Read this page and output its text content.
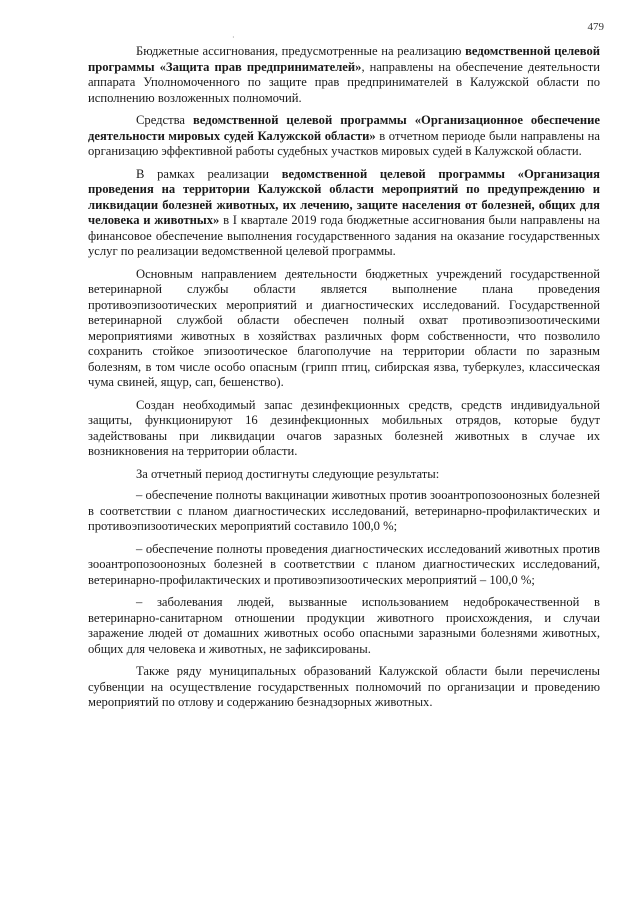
·
479

Бюджетные ассигнования, предусмотренные на реализацию ведомственной целевой программы «Защита прав предпринимателей», направлены на обеспечение деятельности аппарата Уполномоченного по защите прав предпринимателей в Калужской области по исполнению возложенных полномочий.

Средства ведомственной целевой программы «Организационное обеспечение деятельности мировых судей Калужской области» в отчетном периоде были направлены на организацию эффективной работы судебных участков мировых судей в Калужской области.

В рамках реализации ведомственной целевой программы «Организация проведения на территории Калужской области мероприятий по предупреждению и ликвидации болезней животных, их лечению, защите населения от болезней, общих для человека и животных» в I квартале 2019 года бюджетные ассигнования были направлены на финансовое обеспечение выполнения государственного задания на оказание государственных услуг по реализации ведомственной целевой программы.

Основным направлением деятельности бюджетных учреждений государственной ветеринарной службы области является выполнение плана проведения противоэпизоотических мероприятий и диагностических исследований. Государственной ветеринарной службой области обеспечен полный охват противоэпизоотическими мероприятиями животных в хозяйствах различных форм собственности, что позволило сохранить стойкое эпизоотическое благополучие на территории области по заразным болезням, в том числе особо опасным (грипп птиц, сибирская язва, туберкулез, классическая чума свиней, ящур, сап, бешенство).

Создан необходимый запас дезинфекционных средств, средств индивидуальной защиты, функционируют 16 дезинфекционных мобильных отрядов, которые будут задействованы при ликвидации очагов заразных болезней животных в случае их возникновения на территории области.

За отчетный период достигнуты следующие результаты:

– обеспечение полноты вакцинации животных против зооантропозоонозных болезней в соответствии с планом диагностических исследований, ветеринарно-профилактических и противоэпизоотических мероприятий составило 100,0 %;

– обеспечение полноты проведения диагностических исследований животных против зооантропозоонозных болезней в соответствии с планом диагностических исследований, ветеринарно-профилактических и противоэпизоотических мероприятий – 100,0 %;

– заболевания людей, вызванные использованием недоброкачественной в ветеринарно-санитарном отношении продукции животного происхождения, и случаи заражение людей от домашних животных особо опасными заразными болезнями животных, общих для человека и животных, не зафиксированы.

Также ряду муниципальных образований Калужской области были перечислены субвенции на осуществление государственных полномочий по организации и проведению мероприятий по отлову и содержанию безнадзорных животных.
